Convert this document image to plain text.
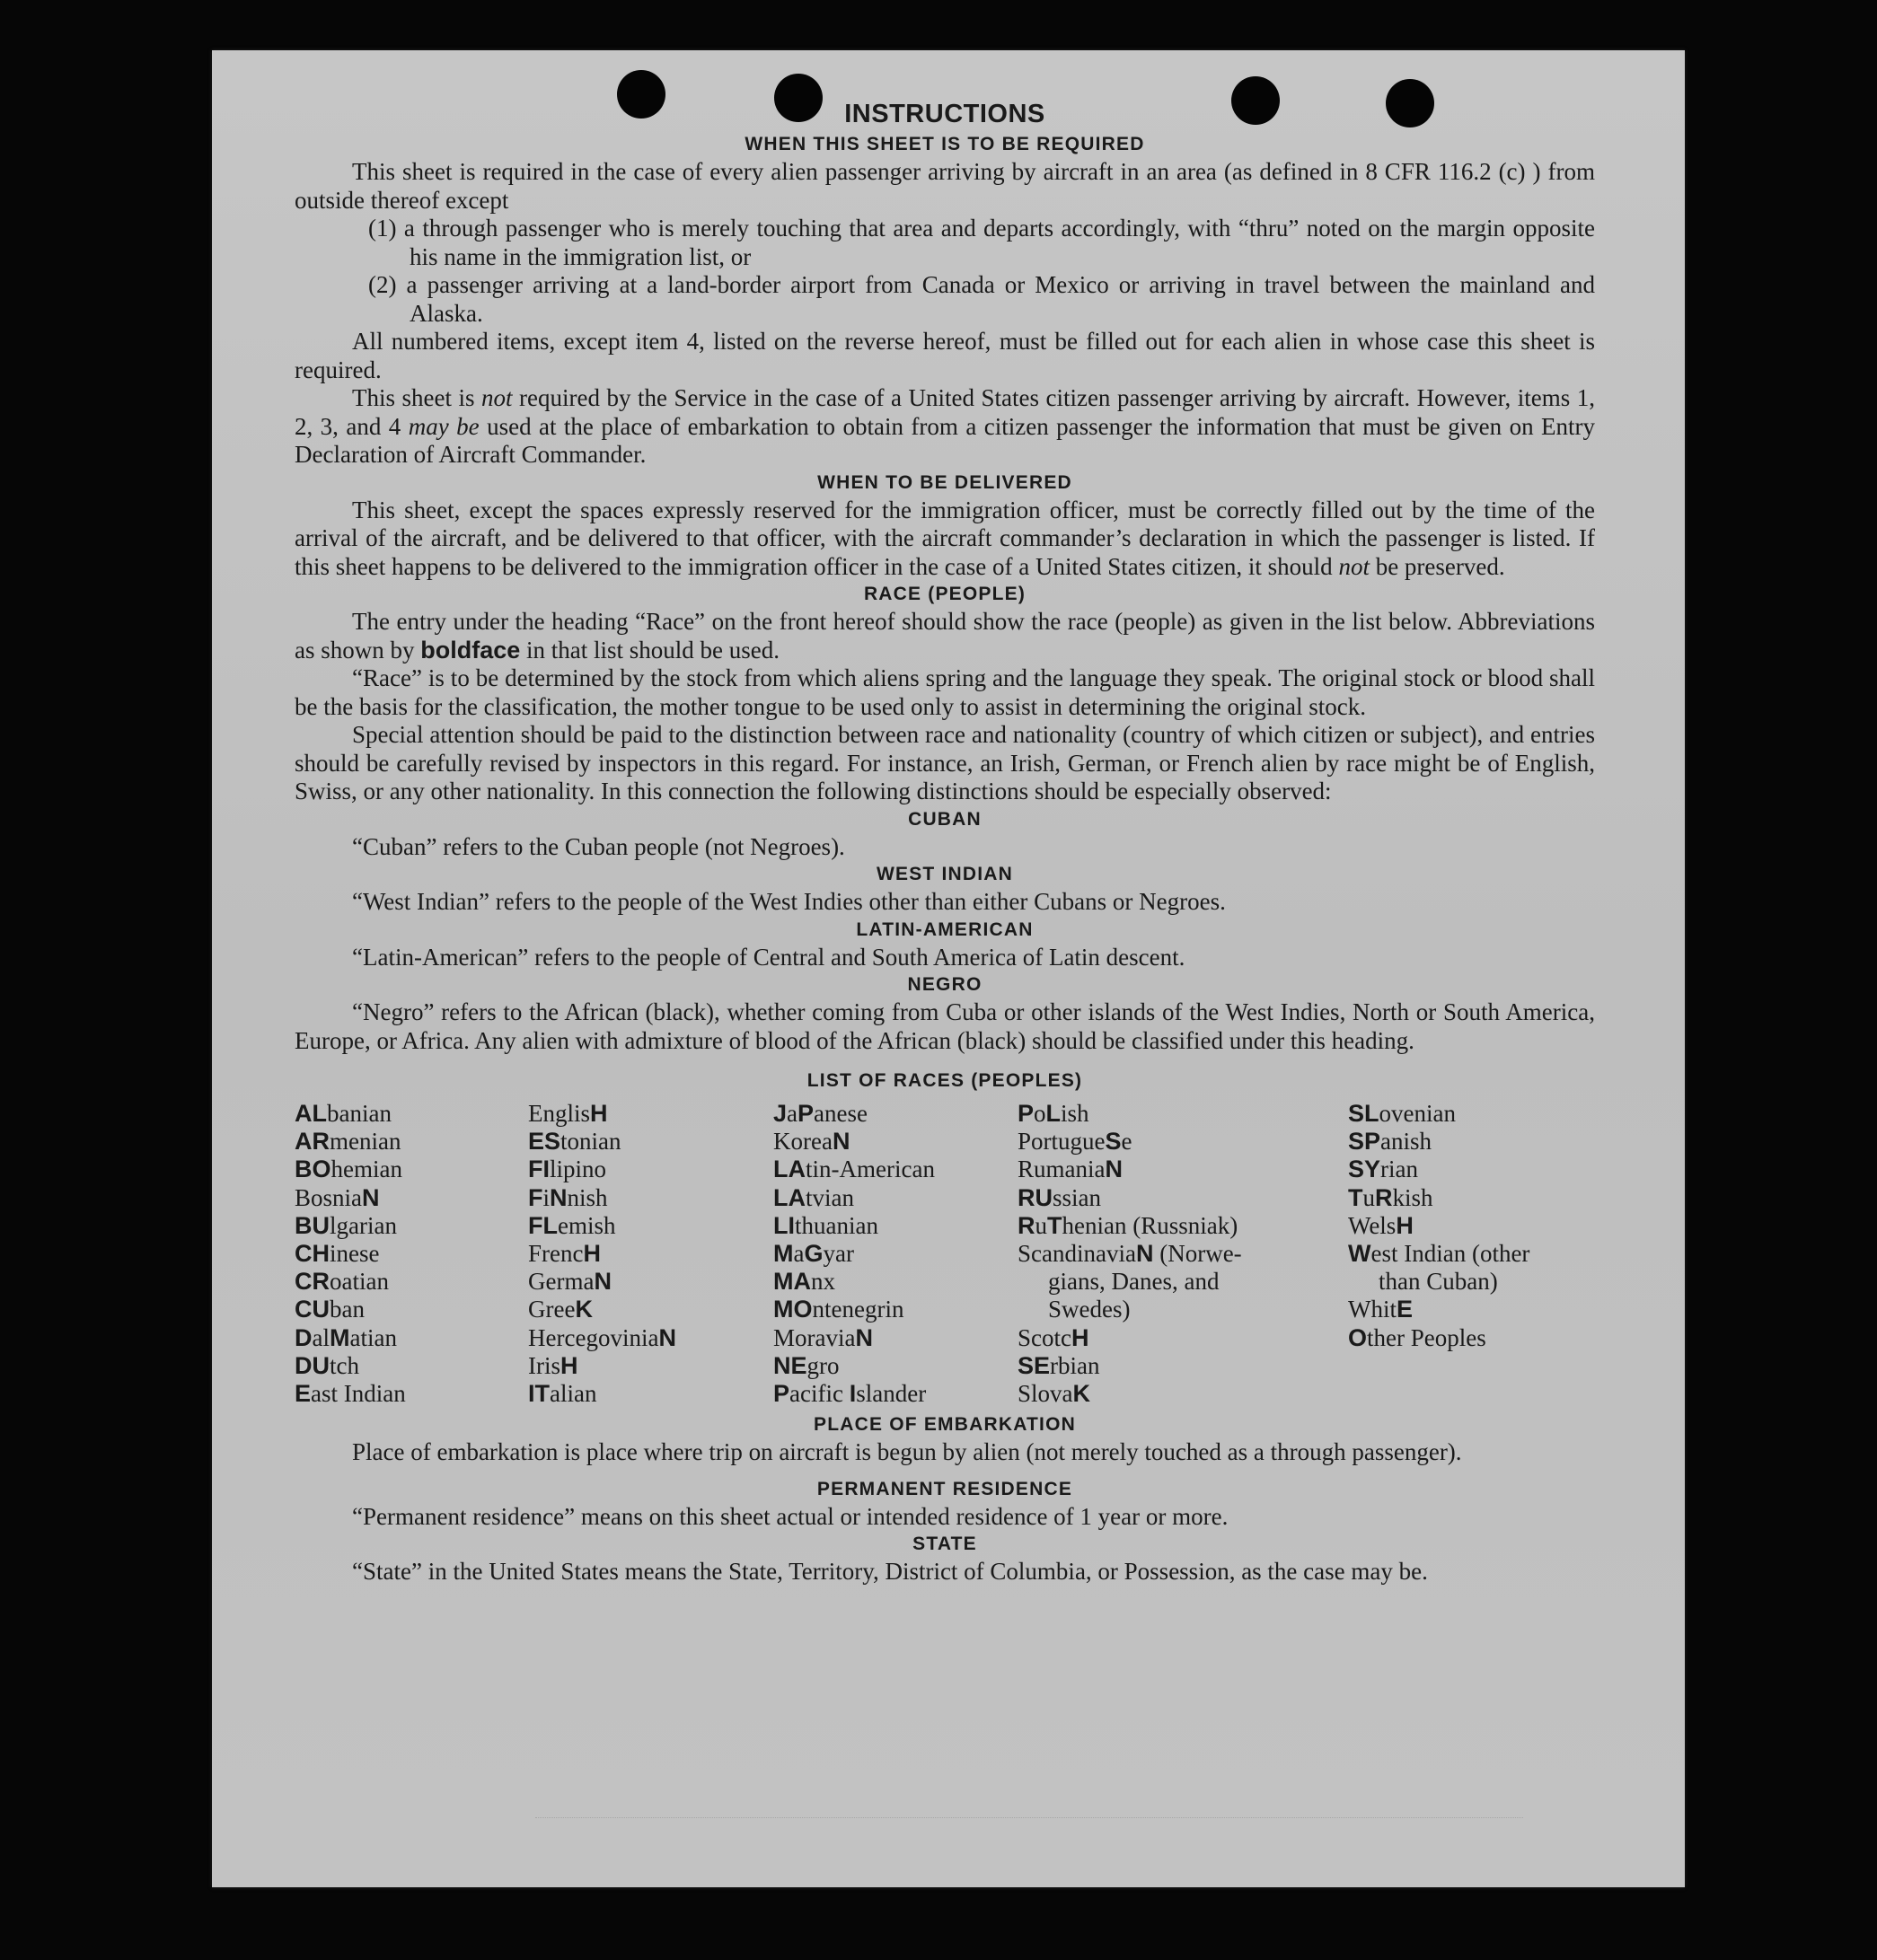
INSTRUCTIONS
WHEN THIS SHEET IS TO BE REQUIRED

This sheet is required in the case of every alien passenger arriving by aircraft in an area (as defined in 8 CFR 116.2 (c) ) from outside thereof except

(1) a through passenger who is merely touching that area and departs accordingly, with “thru” noted on the margin opposite his name in the immigration list, or

(2) a passenger arriving at a land-border airport from Canada or Mexico or arriving in travel between the mainland and Alaska.

All numbered items, except item 4, listed on the reverse hereof, must be filled out for each alien in whose case this sheet is required.

This sheet is not required by the Service in the case of a United States citizen passenger arriving by aircraft. However, items 1, 2, 3, and 4 may be used at the place of embarkation to obtain from a citizen passenger the information that must be given on Entry Declaration of Aircraft Commander.

WHEN TO BE DELIVERED

This sheet, except the spaces expressly reserved for the immigration officer, must be correctly filled out by the time of the arrival of the aircraft, and be delivered to that officer, with the aircraft commander’s declaration in which the passenger is listed. If this sheet happens to be delivered to the immigration officer in the case of a United States citizen, it should not be preserved.

RACE (PEOPLE)

The entry under the heading “Race” on the front hereof should show the race (people) as given in the list below. Abbreviations as shown by boldface in that list should be used.

“Race” is to be determined by the stock from which aliens spring and the language they speak. The original stock or blood shall be the basis for the classification, the mother tongue to be used only to assist in determining the original stock.

Special attention should be paid to the distinction between race and nationality (country of which citizen or subject), and entries should be carefully revised by inspectors in this regard. For instance, an Irish, German, or French alien by race might be of English, Swiss, or any other nationality. In this connection the following distinctions should be especially observed:

CUBAN

“Cuban” refers to the Cuban people (not Negroes).

WEST INDIAN

“West Indian” refers to the people of the West Indies other than either Cubans or Negroes.

LATIN-AMERICAN

“Latin-American” refers to the people of Central and South America of Latin descent.

NEGRO

“Negro” refers to the African (black), whether coming from Cuba or other islands of the West Indies, North or South America, Europe, or Africa. Any alien with admixture of blood of the African (black) should be classified under this heading.

LIST OF RACES (PEOPLES)
ALbanian
ARmenian
BOhemian
BosniaN
BUlgarian
CHinese
CRoatian
CUban
DalMatian
DUtch
East Indian
EnglisH
EStonian
FIlipino
FiNnish
FLemish
FrencH
GermaN
GreeK
HercegoviniaN
IrisH
ITalian
JaPanese
KoreaN
LAtin-American
LAtvian
LIthuanian
MaGyar
MAnx
MOntenegrin
MoraviaN
NEgro
Pacific Islander
PoLish
PortugueSe
RumaniaN
RUssian
RuThenian (Russniak)
ScandinaviaN (Norwe-
gians, Danes, and
Swedes)
ScotcH
SErbian
SlovaK
SLovenian
SPanish
SYrian
TuRkish
WelsH
West Indian (other
than Cuban)
WhitE
Other Peoples
PLACE OF EMBARKATION

Place of embarkation is place where trip on aircraft is begun by alien (not merely touched as a through passenger).

PERMANENT RESIDENCE

“Permanent residence” means on this sheet actual or intended residence of 1 year or more.

STATE

“State” in the United States means the State, Territory, District of Columbia, or Possession, as the case may be.
